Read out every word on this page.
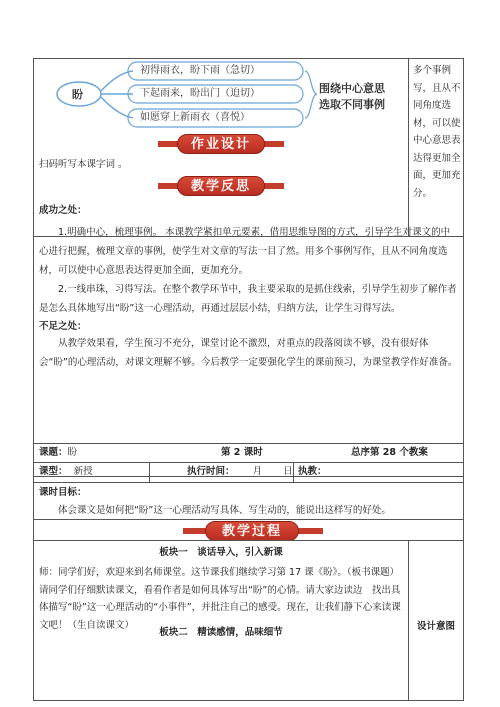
盼
初得雨衣，盼下雨（急切）
下起雨来，盼出门（迫切）
如愿穿上新雨衣（喜悦）
围绕中心意思
选取不同事例
多个事例写，且从不同角度选材，可以使中心意思表达得更加全面，更加充分。
作业设计
扫码听写本课字词 。
教学反思
成功之处：

1.明确中心，梳理事例。 本课教学紧扣单元要素，借用思维导图的方式，引导学生对课文的中心进行把握，梳理文章的事例，使学生对文章的写法一目了然。用多个事例写作，且从不同角度选材，可以使中心意思表达得更加全面，更加充分。

2.一线串珠，习得写法。在整个教学环节中，我主要采取的是抓住线索，引导学生初步了解作者是怎么具体地写出“盼”这一心理活动，再通过层层小结，归纳方法，让学生习得写法。

不足之处：

从教学效果看，学生预习不充分，课堂讨论不激烈，对重点的段落阅读不够，没有很好体会“盼”的心理活动，对课文理解不够。今后教学一定要强化学生的课前预习，为课堂教学作好准备。

课题：盼	第 2 课时	总序第 28 个教案
课型： 新授	执行时间： 月 日 执教：
课时目标：
体会课文是如何把“盼”这一心理活动写具体、写生动的，能说出这样写的好处。
教学过程
板块一　谈话导入，引入新课
师：同学们好，欢迎来到名师课堂。这节课我们继续学习第 17 课《盼》。（板书课题）请同学们仔细默读课文，看看作者是如何具体写出“盼”的心情。请大家边读边　找出具体描写“盼”这一心理活动的“小事件”，并批注自己的感受。现在，让我们静下心来读课文吧！（生自读课文）
板块二　精读感情，品味细节
设计意图
